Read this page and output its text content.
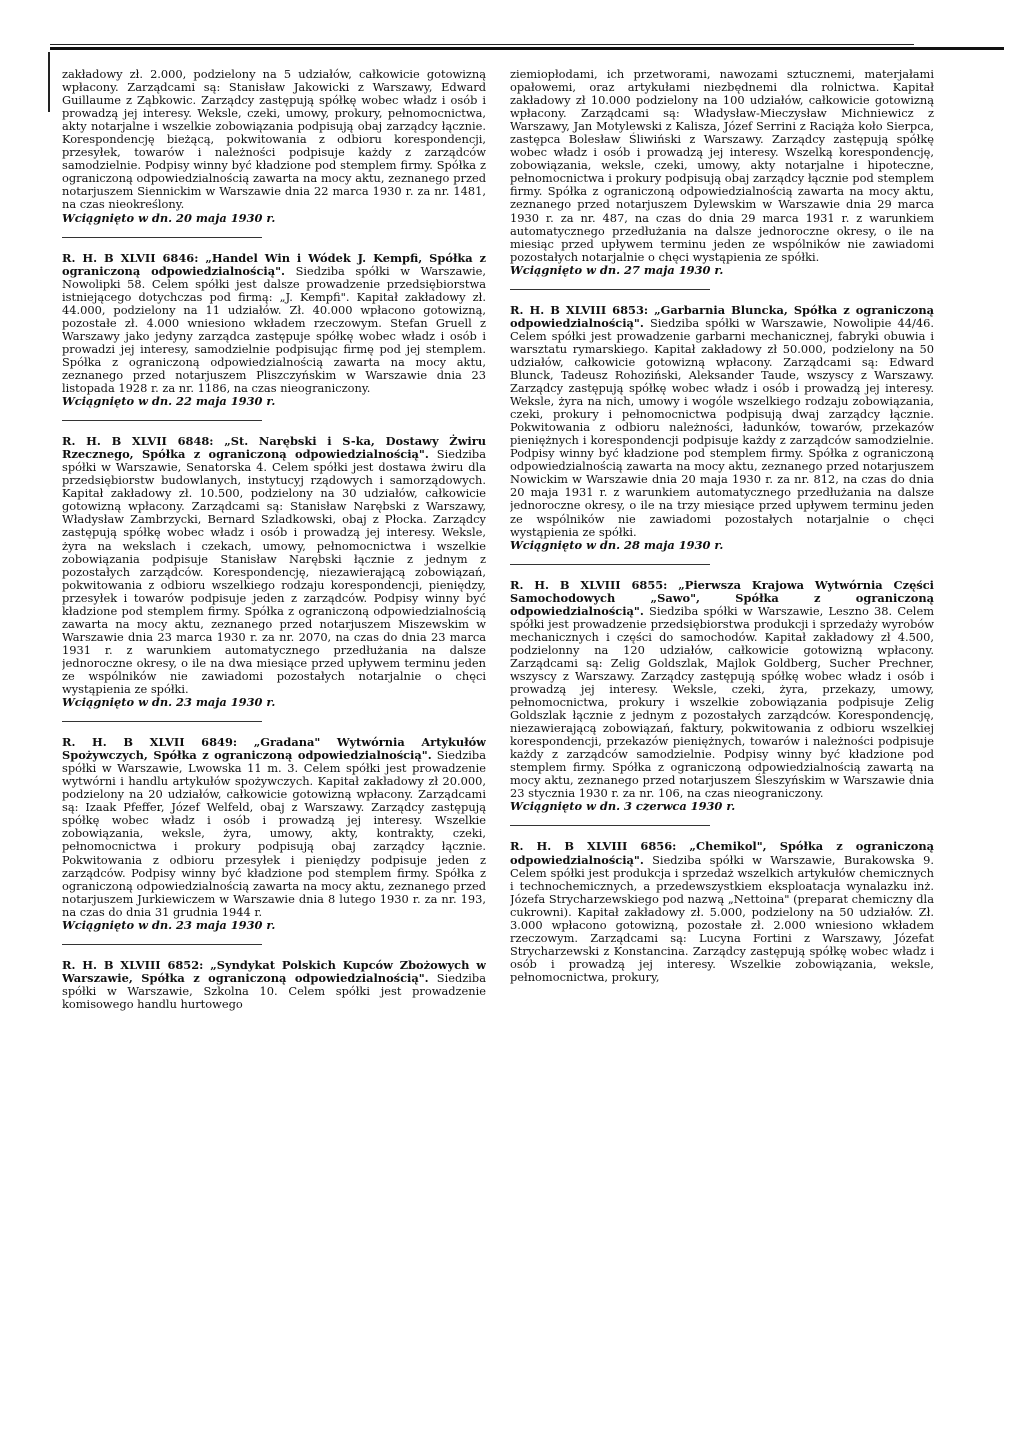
zakładowy zł. 2.000, podzielony na 5 udziałów, całkowicie gotowizną wpłacony. Zarządcami są: Stanisław Jakowicki z Warszawy, Edward Guillaume z Ząbkowic. Zarządcy zastępują spółkę wobec władz i osób i prowadzą jej interesy. Weksle, czeki, umowy, prokury, pełnomocnictwa, akty notarjalne i wszelkie zobowiązania podpisują obaj zarządcy łącznie. Korespondencję bieżącą, pokwitowania z odbioru korespondencji, przesyłek, towarów i należności podpisuje każdy z zarządców samodzielnie. Podpisy winny być kładzione pod stemplem firmy. Spółka z ograniczoną odpowiedzialnością zawarta na mocy aktu, zeznanego przed notarjuszem Siennickim w Warszawie dnia 22 marca 1930 r. za nr. 1481, na czas nieokreślony.

Wciągnięto w dn. 20 maja 1930 r.

R. H. B XLVII 6846: „Handel Win i Wódek J. Kempfi, Spółka z ograniczoną odpowiedzialnością". Siedziba spółki w Warszawie, Nowolipki 58. Celem spółki jest dalsze prowadzenie przedsiębiorstwa istniejącego dotychczas pod firmą: „J. Kempfi". Kapitał zakładowy zł. 44.000, podzielony na 11 udziałów. Zł. 40.000 wpłacono gotowizną, pozostałe zł. 4.000 wniesiono wkładem rzeczowym. Stefan Gruell z Warszawy jako jedyny zarządca zastępuje spółkę wobec władz i osób i prowadzi jej interesy, samodzielnie podpisując firmę pod jej stemplem. Spółka z ograniczoną odpowiedzialnością zawarta na mocy aktu, zeznanego przed notarjuszem Pliszczyńskim w Warszawie dnia 23 listopada 1928 r. za nr. 1186, na czas nieograniczony.

Wciągnięto w dn. 22 maja 1930 r.

R. H. B XLVII 6848: „St. Narębski i S-ka, Dostawy Żwiru Rzecznego, Spółka z ograniczoną odpowiedzialnością". Siedziba spółki w Warszawie, Senatorska 4. Celem spółki jest dostawa żwiru dla przedsiębiorstw budowlanych, instytucyj rządowych i samorządowych. Kapitał zakładowy zł. 10.500, podzielony na 30 udziałów, całkowicie gotowizną wpłacony. Zarządcami są: Stanisław Narębski z Warszawy, Władysław Zambrzycki, Bernard Szladkowski, obaj z Płocka. Zarządcy zastępują spółkę wobec władz i osób i prowadzą jej interesy. Weksle, żyra na wekslach i czekach, umowy, pełnomocnictwa i wszelkie zobowiązania podpisuje Stanisław Narębski łącznie z jednym z pozostałych zarządców. Korespondencję, niezawierającą zobowiązań, pokwitowania z odbioru wszelkiego rodzaju korespondencji, pieniędzy, przesyłek i towarów podpisuje jeden z zarządców. Podpisy winny być kładzione pod stemplem firmy. Spółka z ograniczoną odpowiedzialnością zawarta na mocy aktu, zeznanego przed notarjuszem Miszewskim w Warszawie dnia 23 marca 1930 r. za nr. 2070, na czas do dnia 23 marca 1931 r. z warunkiem automatycznego przedłużania na dalsze jednoroczne okresy, o ile na dwa miesiące przed upływem terminu jeden ze wspólników nie zawiadomi pozostałych notarjalnie o chęci wystąpienia ze spółki.

Wciągnięto w dn. 23 maja 1930 r.

R. H. B XLVII 6849: „Gradana" Wytwórnia Artykułów Spożywczych, Spółka z ograniczoną odpowiedzialnością". Siedziba spółki w Warszawie, Lwowska 11 m. 3. Celem spółki jest prowadzenie wytwórni i handlu artykułów spożywczych. Kapitał zakładowy zł 20.000, podzielony na 20 udziałów, całkowicie gotowizną wpłacony. Zarządcami są: Izaak Pfeffer, Józef Welfeld, obaj z Warszawy. Zarządcy zastępują spółkę wobec władz i osób i prowadzą jej interesy. Wszelkie zobowiązania, weksle, żyra, umowy, akty, kontrakty, czeki, pełnomocnictwa i prokury podpisują obaj zarządcy łącznie. Pokwitowania z odbioru przesyłek i pieniędzy podpisuje jeden z zarządców. Podpisy winny być kładzione pod stemplem firmy. Spółka z ograniczoną odpowiedzialnością zawarta na mocy aktu, zeznanego przed notarjuszem Jurkiewiczem w Warszawie dnia 8 lutego 1930 r. za nr. 193, na czas do dnia 31 grudnia 1944 r.

Wciągnięto w dn. 23 maja 1930 r.

R. H. B XLVIII 6852: „Syndykat Polskich Kupców Zbożowych w Warszawie, Spółka z ograniczoną odpowiedzialnością". Siedziba spółki w Warszawie, Szkolna 10. Celem spółki jest prowadzenie komisowego handlu hurtowego

ziemiopłodami, ich przetworami, nawozami sztucznemi, materjałami opałowemi, oraz artykułami niezbędnemi dla rolnictwa. Kapitał zakładowy zł 10.000 podzielony na 100 udziałów, całkowicie gotowizną wpłacony. Zarządcami są: Władysław-Mieczysław Michniewicz z Warszawy, Jan Motylewski z Kalisza, Józef Serrini z Raciąża koło Sierpca, zastępca Bolesław Śliwiński z Warszawy. Zarządcy zastępują spółkę wobec władz i osób i prowadzą jej interesy. Wszelką korespondencję, zobowiązania, weksle, czeki, umowy, akty notarjalne i hipoteczne, pełnomocnictwa i prokury podpisują obaj zarządcy łącznie pod stemplem firmy. Spółka z ograniczoną odpowiedzialnością zawarta na mocy aktu, zeznanego przed notarjuszem Dylewskim w Warszawie dnia 29 marca 1930 r. za nr. 487, na czas do dnia 29 marca 1931 r. z warunkiem automatycznego przedłużania na dalsze jednoroczne okresy, o ile na miesiąc przed upływem terminu jeden ze wspólników nie zawiadomi pozostałych notarjalnie o chęci wystąpienia ze spółki.

Wciągnięto w dn. 27 maja 1930 r.

R. H. B XLVIII 6853: „Garbarnia Bluncka, Spółka z ograniczoną odpowiedzialnością". Siedziba spółki w Warszawie, Nowolipie 44/46. Celem spółki jest prowadzenie garbarni mechanicznej, fabryki obuwia i warsztatu rymarskiego. Kapitał zakładowy zł 50.000, podzielony na 50 udziałów, całkowicie gotowizną wpłacony. Zarządcami są: Edward Blunck, Tadeusz Rohoziński, Aleksander Taude, wszyscy z Warszawy. Zarządcy zastępują spółkę wobec władz i osób i prowadzą jej interesy. Weksle, żyra na nich, umowy i wogóle wszelkiego rodzaju zobowiązania, czeki, prokury i pełnomocnictwa podpisują dwaj zarządcy łącznie. Pokwitowania z odbioru należności, ładunków, towarów, przekazów pieniężnych i korespondencji podpisuje każdy z zarządców samodzielnie. Podpisy winny być kładzione pod stemplem firmy. Spółka z ograniczoną odpowiedzialnością zawarta na mocy aktu, zeznanego przed notarjuszem Nowickim w Warszawie dnia 20 maja 1930 r. za nr. 812, na czas do dnia 20 maja 1931 r. z warunkiem automatycznego przedłużania na dalsze jednoroczne okresy, o ile na trzy miesiące przed upływem terminu jeden ze wspólników nie zawiadomi pozostałych notarjalnie o chęci wystąpienia ze spółki.

Wciągnięto w dn. 28 maja 1930 r.

R. H. B XLVIII 6855: „Pierwsza Krajowa Wytwórnia Części Samochodowych „Sawo", Spółka z ograniczoną odpowiedzialnością". Siedziba spółki w Warszawie, Leszno 38. Celem spółki jest prowadzenie przedsiębiorstwa produkcji i sprzedaży wyrobów mechanicznych i części do samochodów. Kapitał zakładowy zł 4.500, podzielonny na 120 udziałów, całkowicie gotowizną wpłacony. Zarządcami są: Zelig Goldszlak, Majlok Goldberg, Sucher Prechner, wszyscy z Warszawy. Zarządcy zastępują spółkę wobec władz i osób i prowadzą jej interesy. Weksle, czeki, żyra, przekazy, umowy, pełnomocnictwa, prokury i wszelkie zobowiązania podpisuje Zelig Goldszlak łącznie z jednym z pozostałych zarządców. Korespondencję, niezawierającą zobowiązań, faktury, pokwitowania z odbioru wszelkiej korespondencji, przekazów pieniężnych, towarów i należności podpisuje każdy z zarządców samodzielnie. Podpisy winny być kładzione pod stemplem firmy. Spółka z ograniczoną odpowiedzialnością zawartą na mocy aktu, zeznanego przed notarjuszem Śleszyńskim w Warszawie dnia 23 stycznia 1930 r. za nr. 106, na czas nieograniczony.

Wciągnięto w dn. 3 czerwca 1930 r.

R. H. B XLVIII 6856: „Chemikol", Spółka z ograniczoną odpowiedzialnością". Siedziba spółki w Warszawie, Burakowska 9. Celem spółki jest produkcja i sprzedaż wszelkich artykułów chemicznych i technochemicznych, a przedewszystkiem eksploatacja wynalazku inż. Józefa Strycharzewskiego pod nazwą „Nettoina" (preparat chemiczny dla cukrowni). Kapitał zakładowy zł. 5.000, podzielony na 50 udziałów. Zł. 3.000 wpłacono gotowizną, pozostałe zł. 2.000 wniesiono wkładem rzeczowym. Zarządcami są: Lucyna Fortini z Warszawy, Józefat Strycharzewski z Konstancina. Zarządcy zastępują spółkę wobec władz i osób i prowadzą jej interesy. Wszelkie zobowiązania, weksle, pełnomocnictwa, prokury,
